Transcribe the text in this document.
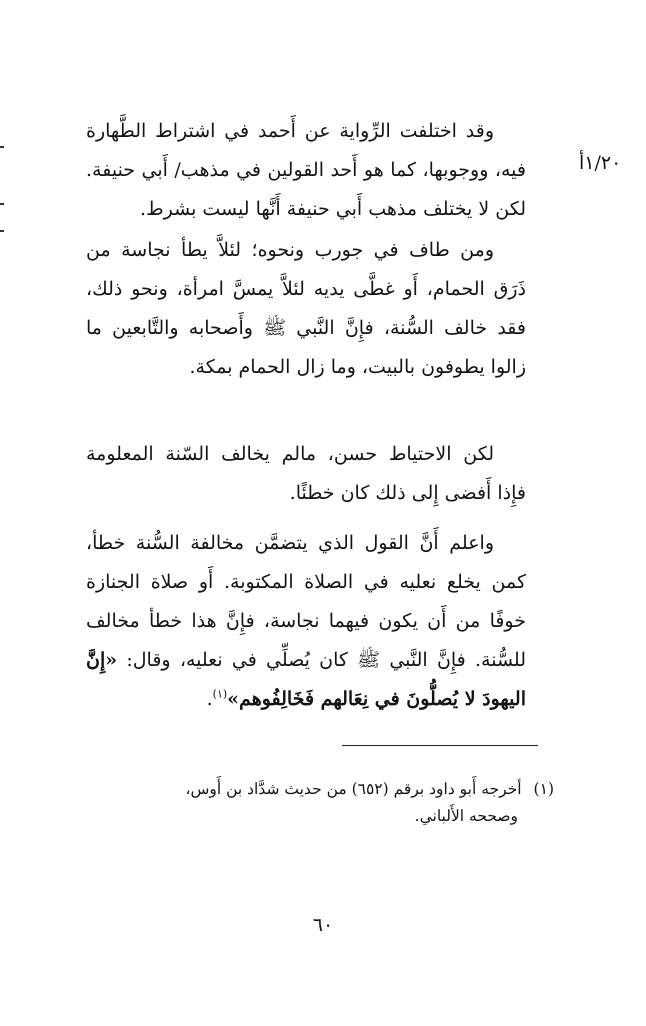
١/٢٠أ

وقد اختلفت الرِّواية عن أَحمد في اشتراط الطَّهارة فيه، ووجوبها، كما هو أَحد القولين في مذهب/ أَبي حنيفة. لكن لا يختلف مذهب أَبي حنيفة أَنَّها ليست بشرط.

ومن طاف في جورب ونحوه؛ لئلاَّ يطأ نجاسة من ذَرَق الحمام، أَو غطَّى يديه لئلاَّ يمسَّ امرأة، ونحو ذلك، فقد خالف السُّنة، فإِنَّ النَّبي ﷺ وأَصحابه والتَّابعين ما زالوا يطوفون بالبيت، وما زال الحمام بمكة.

لكن الاحتياط حسن، مالم يخالف السّنة المعلومة فإِذا أَفضى إِلى ذلك كان خطئًا.

واعلم أَنَّ القول الذي يتضمَّن مخالفة السُّنة خطأ، كمن يخلع نعليه في الصلاة المكتوبة. أَو صلاة الجنازة خوفًا من أَن يكون فيهما نجاسة، فإِنَّ هذا خطأ مخالف للسُّنة. فإِنَّ النَّبي ﷺ كان يُصلِّي في نعليه، وقال: «إِنَّ اليهودَ لا يُصلُّونَ في نِعَالهم فَخَالِفُوهم»$^{(١)}$.

(١)أخرجه أَبو داود برقم (٦٥٢) من حديث شدَّاد بن أَوس،
وصححه الأَلباني.
٦٠
